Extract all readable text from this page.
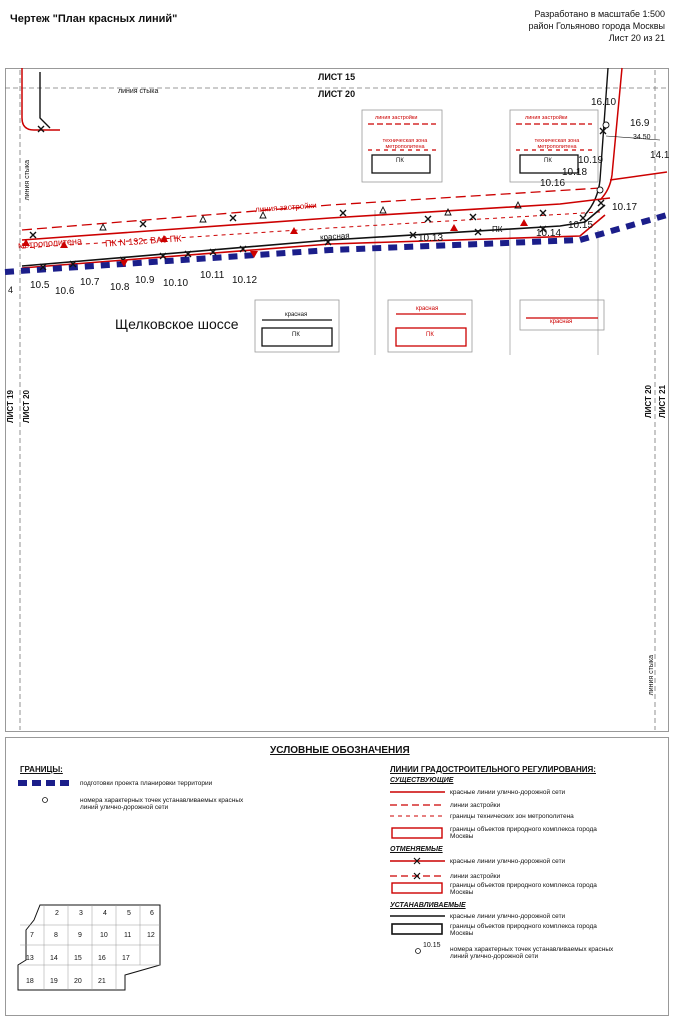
Чертеж "План красных линий"	Разработано в масштабе 1:500
район Гольяново города Москвы
Лист 20 из 21
ЛИСТ 15
ЛИСТ 20
ЛИСТ 19 ЛИСТ 20	ЛИСТ 20 ЛИСТ 21
линия стыка
линия стыка
линия стыка
Щелковское шоссе
линия застройки
метрополитена ПК N 132с BA0 ПК	красная
ПК
4
34.50
10.5
10.6
10.7 10.8
10.9 10.10
10.11 10.12
10.13	10.14
10.15
10.16
10.17
10.18
10.19
16.9
16.10
14.1
линия застройки
техническая зона метрополитена
ПК
линия застройки
техническая зона метрополитена
ПК
красная
ПК
красная
ПК
красная
УСЛОВНЫЕ ОБОЗНАЧЕНИЯ
ГРАНИЦЫ:
подготовки проекта планировки территории
номера характерных точек устанавливаемых красных линий улично-дорожной сети
ЛИНИИ ГРАДОСТРОИТЕЛЬНОГО РЕГУЛИРОВАНИЯ:
СУЩЕСТВУЮЩИЕ
красные линии улично-дорожной сети
линии застройки
границы технических зон метрополитена
границы объектов природного комплекса города Москвы
ОТМЕНЯЕМЫЕ
красные линии улично-дорожной сети
линии застройки
границы объектов природного комплекса города Москвы
УСТАНАВЛИВАЕМЫЕ
красные линии улично-дорожной сети
границы объектов природного комплекса города Москвы
10.15
номера характерных точек устанавливаемых красных линий улично-дорожной сети
2	3	4	5	6
7	8	9	10 11 12
13 14 15 16 17
18 19 20 21
